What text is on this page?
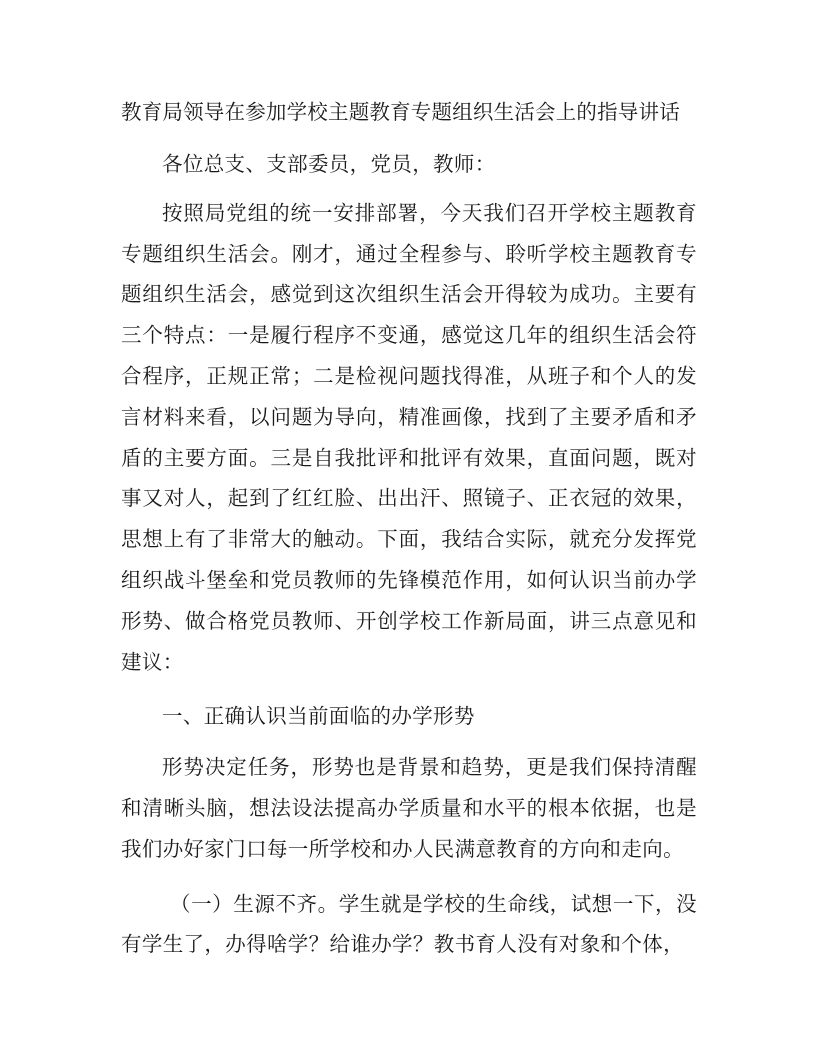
教育局领导在参加学校主题教育专题组织生活会上的指导讲话

各位总支、支部委员，党员，教师：

按照局党组的统一安排部署，今天我们召开学校主题教育专题组织生活会。刚才，通过全程参与、聆听学校主题教育专题组织生活会，感觉到这次组织生活会开得较为成功。主要有三个特点：一是履行程序不变通，感觉这几年的组织生活会符合程序，正规正常；二是检视问题找得准，从班子和个人的发言材料来看，以问题为导向，精准画像，找到了主要矛盾和矛盾的主要方面。三是自我批评和批评有效果，直面问题，既对事又对人，起到了红红脸、出出汗、照镜子、正衣冠的效果，思想上有了非常大的触动。下面，我结合实际，就充分发挥党组织战斗堡垒和党员教师的先锋模范作用，如何认识当前办学形势、做合格党员教师、开创学校工作新局面，讲三点意见和建议：

一、正确认识当前面临的办学形势

形势决定任务，形势也是背景和趋势，更是我们保持清醒和清晰头脑，想法设法提高办学质量和水平的根本依据，也是我们办好家门口每一所学校和办人民满意教育的方向和走向。

（一）生源不齐。学生就是学校的生命线，试想一下，没有学生了，办得啥学？给谁办学？教书育人没有对象和个体，
